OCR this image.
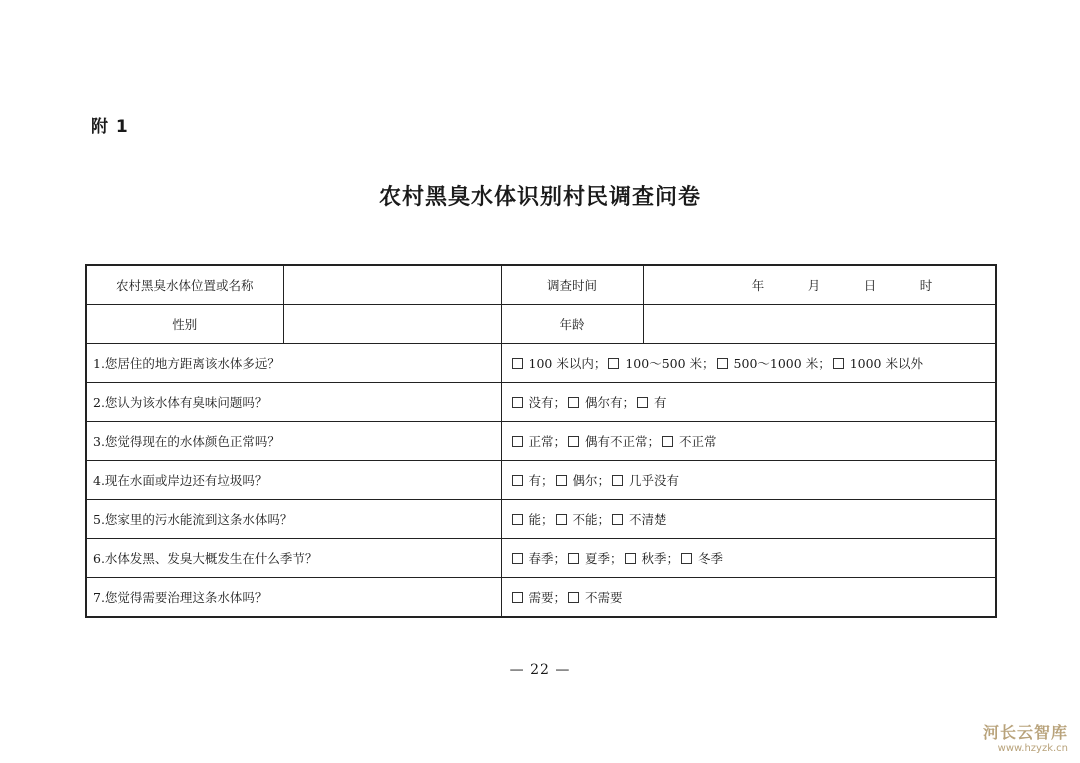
附 1
农村黑臭水体识别村民调查问卷
农村黑臭水体位置或名称		调查时间	年 月 日 时
性别		年龄	
1.您居住的地方距离该水体多远？		100 米以内； 100～500 米； 500～1000 米； 1000 米以外	
2.您认为该水体有臭味问题吗？		没有； 偶尔有； 有	
3.您觉得现在的水体颜色正常吗？		正常； 偶有不正常； 不正常	
4.现在水面或岸边还有垃圾吗？		有； 偶尔； 几乎没有	
5.您家里的污水能流到这条水体吗？		能； 不能； 不清楚	
6.水体发黑、发臭大概发生在什么季节？		春季； 夏季； 秋季； 冬季	
7.您觉得需要治理这条水体吗？		需要； 不需要	
— 22 —
河长云智库
www.hzyzk.cn
